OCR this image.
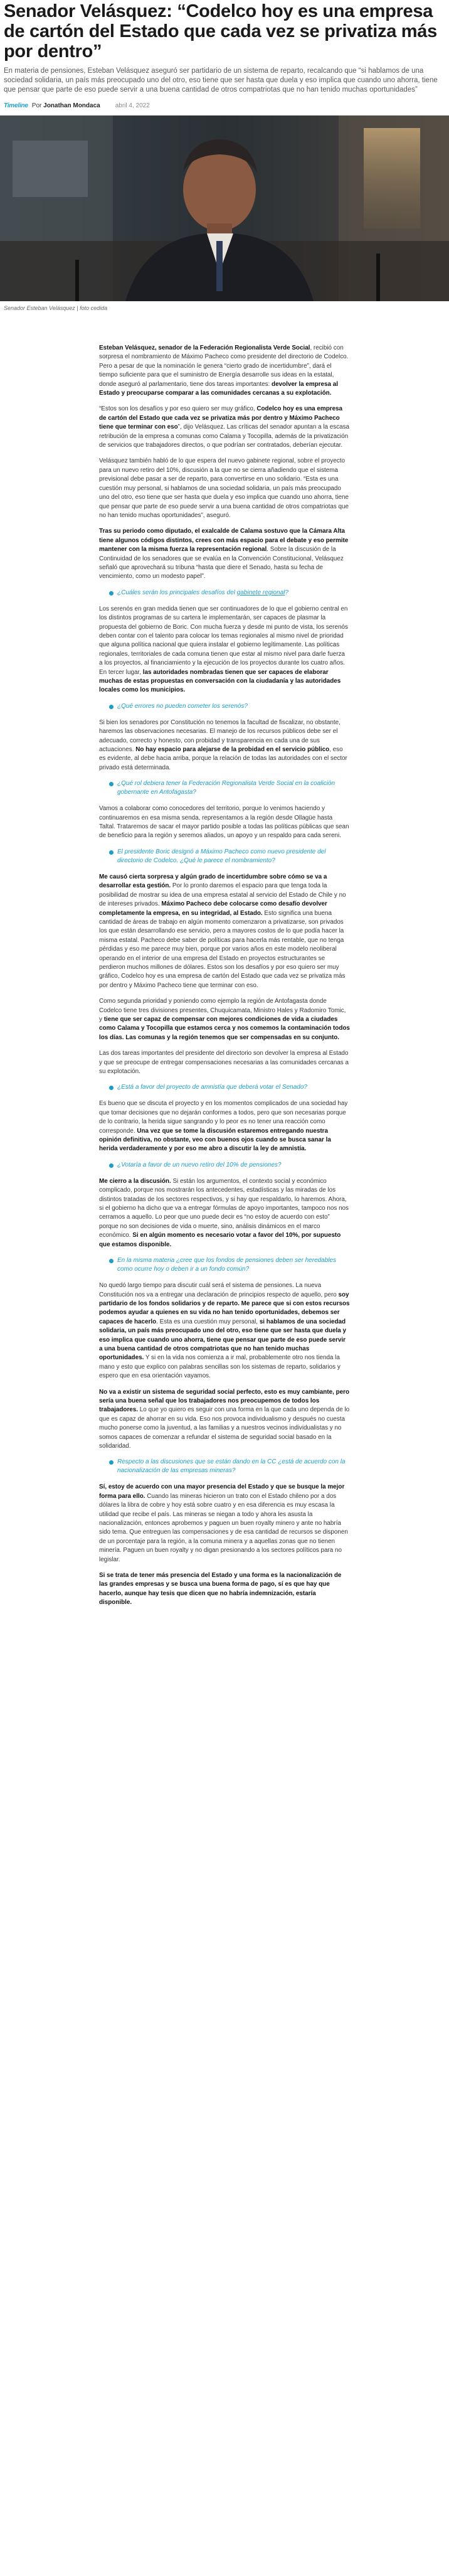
Senador Velásquez: “Codelco hoy es una empresa de cartón del Estado que cada vez se privatiza más por dentro”

En materia de pensiones, Esteban Velásquez aseguró ser partidario de un sistema de reparto, recalcando que “si hablamos de una sociedad solidaria, un país más preocupado uno del otro, eso tiene que ser hasta que duela y eso implica que cuando uno ahorra, tiene que pensar que parte de eso puede servir a una buena cantidad de otros compatriotas que no han tenido muchas oportunidades”

Timeline Por Jonathan Mondaca abril 4, 2022

Senador Esteban Velásquez | foto cedida

Esteban Velásquez, senador de la Federación Regionalista Verde Social, recibió con sorpresa el nombramiento de Máximo Pacheco como presidente del directorio de Codelco. Pero a pesar de que la nominación le genera “cierto grado de incertidumbre”, dará el tiempo suficiente para que el suministro de Energía desarrolle sus ideas en la estatal, donde aseguró al parlamentario, tiene dos tareas importantes: devolver la empresa al Estado y preocuparse comparar a las comunidades cercanas a su explotación.

“Estos son los desafíos y por eso quiero ser muy gráfico, Codelco hoy es una empresa de cartón del Estado que cada vez se privatiza más por dentro y Máximo Pacheco tiene que terminar con eso”, dijo Velásquez. Las críticas del senador apuntan a la escasa retribución de la empresa a comunas como Calama y Tocopilla, además de la privatización de servicios que trabajadores directos, o que podrían ser contratados, deberían ejecutar.

Velásquez también habló de lo que espera del nuevo gabinete regional, sobre el proyecto para un nuevo retiro del 10%, discusión a la que no se cierra añadiendo que el sistema previsional debe pasar a ser de reparto, para convertirse en uno solidario. “Esta es una cuestión muy personal, si hablamos de una sociedad solidaria, un país más preocupado uno del otro, eso tiene que ser hasta que duela y eso implica que cuando uno ahorra, tiene que pensar que parte de eso puede servir a una buena cantidad de otros compatriotas que no han tenido muchas oportunidades”, aseguró.

Tras su periodo como diputado, el exalcalde de Calama sostuvo que la Cámara Alta tiene algunos códigos distintos, crees con más espacio para el debate y eso permite mantener con la misma fuerza la representación regional. Sobre la discusión de la Continuidad de los senadores que se evalúa en la Convención Constitucional, Velásquez señaló que aprovechará su tribuna “hasta que diere el Senado, hasta su fecha de vencimiento, como un modesto papel”.

¿Cuáles serán los principales desafíos del gabinete regional?

Los serenós en gran medida tienen que ser continuadores de lo que el gobierno central en los distintos programas de su cartera le implementarán, ser capaces de plasmar la propuesta del gobierno de Boric. Con mucha fuerza y desde mi punto de vista, los serenós deben contar con el talento para colocar los temas regionales al mismo nivel de prioridad que alguna política nacional que quiera instalar el gobierno legítimamente. Las políticas regionales, territoriales de cada comuna tienen que estar al mismo nivel para darle fuerza a los proyectos, al financiamiento y la ejecución de los proyectos durante los cuatro años. En tercer lugar, las autoridades nombradas tienen que ser capaces de elaborar muchas de estas propuestas en conversación con la ciudadanía y las autoridades locales como los municipios.

¿Qué errores no pueden cometer los serenós?

Si bien los senadores por Constitución no tenemos la facultad de fiscalizar, no obstante, haremos las observaciones necesarias. El manejo de los recursos públicos debe ser el adecuado, correcto y honesto, con probidad y transparencia en cada una de sus actuaciones. No hay espacio para alejarse de la probidad en el servicio público, eso es evidente, al debe hacia arriba, porque la relación de todas las autoridades con el sector privado está determinada.

¿Qué rol debiera tener la Federación Regionalista Verde Social en la coalición gobernante en Antofagasta?

Vamos a colaborar como conocedores del territorio, porque lo venimos haciendo y continuaremos en esa misma senda, representamos a la región desde Ollagüe hasta Taltal. Trataremos de sacar el mayor partido posible a todas las políticas públicas que sean de beneficio para la región y seremos aliados, un apoyo y un respaldo para cada sereni.

El presidente Boric designó a Máximo Pacheco como nuevo presidente del directorio de Codelco. ¿Qué le parece el nombramiento?

Me causó cierta sorpresa y algún grado de incertidumbre sobre cómo se va a desarrollar esta gestión. Por lo pronto daremos el espacio para que tenga toda la posibilidad de mostrar su idea de una empresa estatal al servicio del Estado de Chile y no de intereses privados. Máximo Pacheco debe colocarse como desafío devolver completamente la empresa, en su integridad, al Estado. Esto significa una buena cantidad de áreas de trabajo en algún momento comenzaron a privatizarse, son privados los que están desarrollando ese servicio, pero a mayores costos de lo que podía hacer la misma estatal. Pacheco debe saber de políticas para hacerla más rentable, que no tenga pérdidas y eso me parece muy bien, porque por varios años en este modelo neoliberal operando en el interior de una empresa del Estado en proyectos estructurantes se perdieron muchos millones de dólares. Estos son los desafíos y por eso quiero ser muy gráfico, Codelco hoy es una empresa de cartón del Estado que cada vez se privatiza más por dentro y Máximo Pacheco tiene que terminar con eso.

Como segunda prioridad y poniendo como ejemplo la región de Antofagasta donde Codelco tiene tres divisiones presentes, Chuquicamata, Ministro Hales y Radomiro Tomic, y tiene que ser capaz de compensar con mejores condiciones de vida a ciudades como Calama y Tocopilla que estamos cerca y nos comemos la contaminación todos los días. Las comunas y la región tenemos que ser compensadas en su conjunto.

Las dos tareas importantes del presidente del directorio son devolver la empresa al Estado y que se preocupe de entregar compensaciones necesarias a las comunidades cercanas a su explotación.

¿Está a favor del proyecto de amnistía que deberá votar el Senado?

Es bueno que se discuta el proyecto y en los momentos complicados de una sociedad hay que tomar decisiones que no dejarán conformes a todos, pero que son necesarias porque de lo contrario, la herida sigue sangrando y lo peor es no tener una reacción como corresponde. Una vez que se tome la discusión estaremos entregando nuestra opinión definitiva, no obstante, veo con buenos ojos cuando se busca sanar la herida verdaderamente y por eso me abro a discutir la ley de amnistía.

¿Votaría a favor de un nuevo retiro del 10% de pensiones?

Me cierro a la discusión. Si están los argumentos, el contexto social y económico complicado, porque nos mostrarán los antecedentes, estadísticas y las miradas de los distintos tratadas de los sectores respectivos, y si hay que respaldarlo, lo haremos. Ahora, si el gobierno ha dicho que va a entregar fórmulas de apoyo importantes, tampoco nos nos cerramos a aquello. Lo peor que uno puede decir es “no estoy de acuerdo con esto” porque no son decisiones de vida o muerte, sino, análisis dinámicos en el marco económico. Si en algún momento es necesario votar a favor del 10%, por supuesto que estamos disponible.

En la misma materia ¿cree que los fondos de pensiones deben ser heredables como ocurre hoy o deben ir a un fondo común?

No quedó largo tiempo para discutir cuál será el sistema de pensiones. La nueva Constitución nos va a entregar una declaración de principios respecto de aquello, pero soy partidario de los fondos solidarios y de reparto. Me parece que si con estos recursos podemos ayudar a quienes en su vida no han tenido oportunidades, debemos ser capaces de hacerlo. Esta es una cuestión muy personal, si hablamos de una sociedad solidaria, un país más preocupado uno del otro, eso tiene que ser hasta que duela y eso implica que cuando uno ahorra, tiene que pensar que parte de eso puede servir a una buena cantidad de otros compatriotas que no han tenido muchas oportunidades. Y si en la vida nos comienza a ir mal, probablemente otro nos tienda la mano y esto que explico con palabras sencillas son los sistemas de reparto, solidarios y espero que en esa orientación vayamos.

No va a existir un sistema de seguridad social perfecto, esto es muy cambiante, pero sería una buena señal que los trabajadores nos preocupemos de todos los trabajadores. Lo que yo quiero es seguir con una forma en la que cada uno dependa de lo que es capaz de ahorrar en su vida. Eso nos provoca individualismo y después no cuesta mucho ponerse como la juventud, a las familias y a nuestros vecinos individualistas y no somos capaces de comenzar a refundar el sistema de seguridad social basado en la solidaridad.

Respecto a las discusiones que se están dando en la CC ¿está de acuerdo con la nacionalización de las empresas mineras?

Sí, estoy de acuerdo con una mayor presencia del Estado y que se busque la mejor forma para ello. Cuando las mineras hicieron un trato con el Estado chileno por a dos dólares la libra de cobre y hoy está sobre cuatro y en esa diferencia es muy escasa la utilidad que recibe el país. Las mineras se niegan a todo y ahora les asusta la nacionalización, entonces aprobemos y paguen un buen royalty minero y ante no habría sido tema. Que entreguen las compensaciones y de esa cantidad de recursos se disponen de un porcentaje para la región, a la comuna minera y a aquellas zonas que no tienen minería. Paguen un buen royalty y no digan presionando a los sectores políticos para no legislar.

Si se trata de tener más presencia del Estado y una forma es la nacionalización de las grandes empresas y se busca una buena forma de pago, sí es que hay que hacerlo, aunque hay tesis que dicen que no habría indemnización, estaría disponible.
